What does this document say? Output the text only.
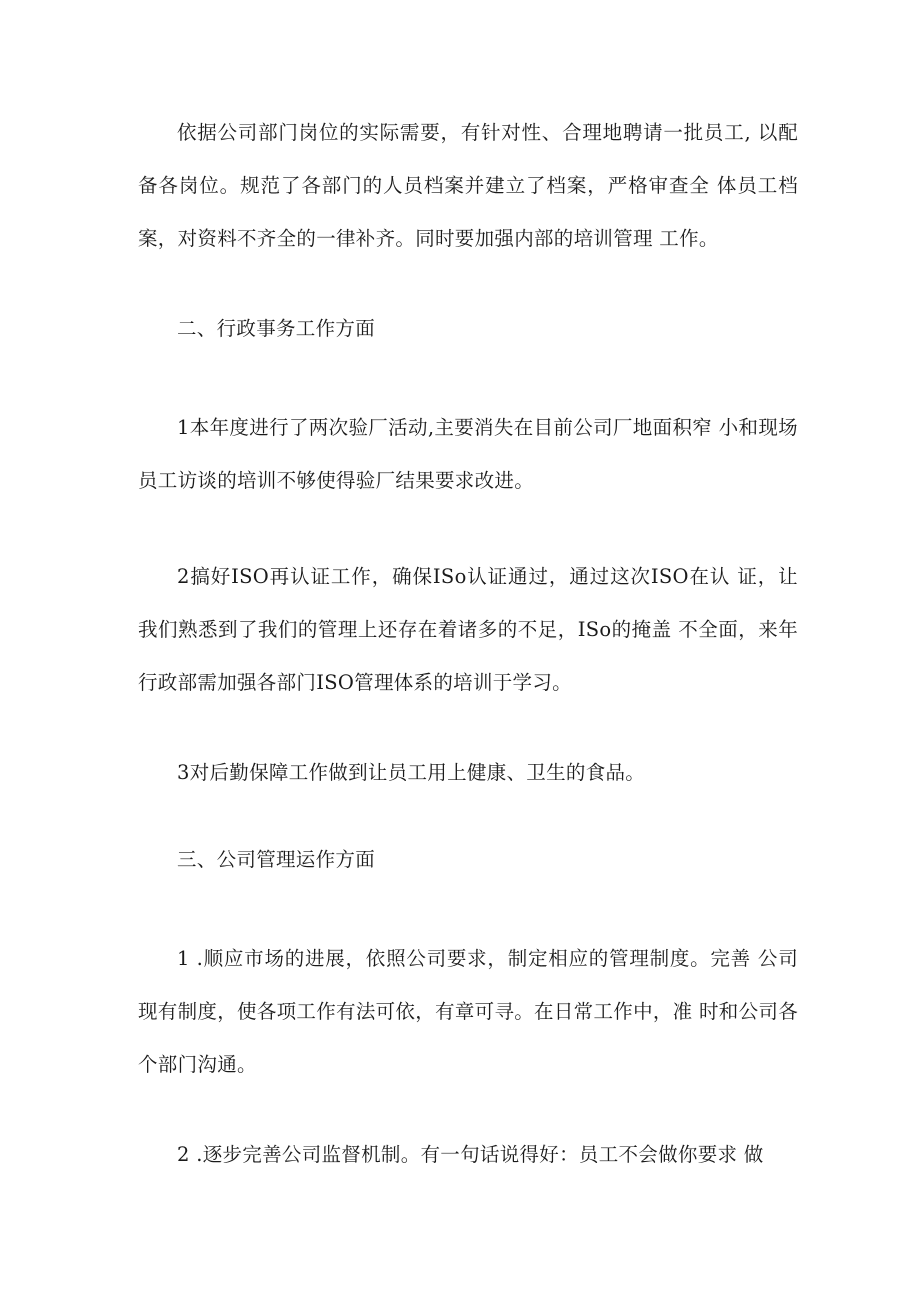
依据公司部门岗位的实际需要，有针对性、合理地聘请一批员工, 以配备各岗位。规范了各部门的人员档案并建立了档案，严格审查全 体员工档案，对资料不齐全的一律补齐。同时要加强内部的培训管理 工作。

二、行政事务工作方面

1本年度进行了两次验厂活动,主要消失在目前公司厂地面积窄 小和现场员工访谈的培训不够使得验厂结果要求改进。

2搞好ISO再认证工作，确保ISo认证通过，通过这次ISO在认 证，让我们熟悉到了我们的管理上还存在着诸多的不足，ISo的掩盖 不全面，来年行政部需加强各部门ISO管理体系的培训于学习。

3对后勤保障工作做到让员工用上健康、卫生的食品。

三、公司管理运作方面

1 .顺应市场的进展，依照公司要求，制定相应的管理制度。完善 公司现有制度，使各项工作有法可依，有章可寻。在日常工作中，准 时和公司各个部门沟通。

2 .逐步完善公司监督机制。有一句话说得好：员工不会做你要求 做
